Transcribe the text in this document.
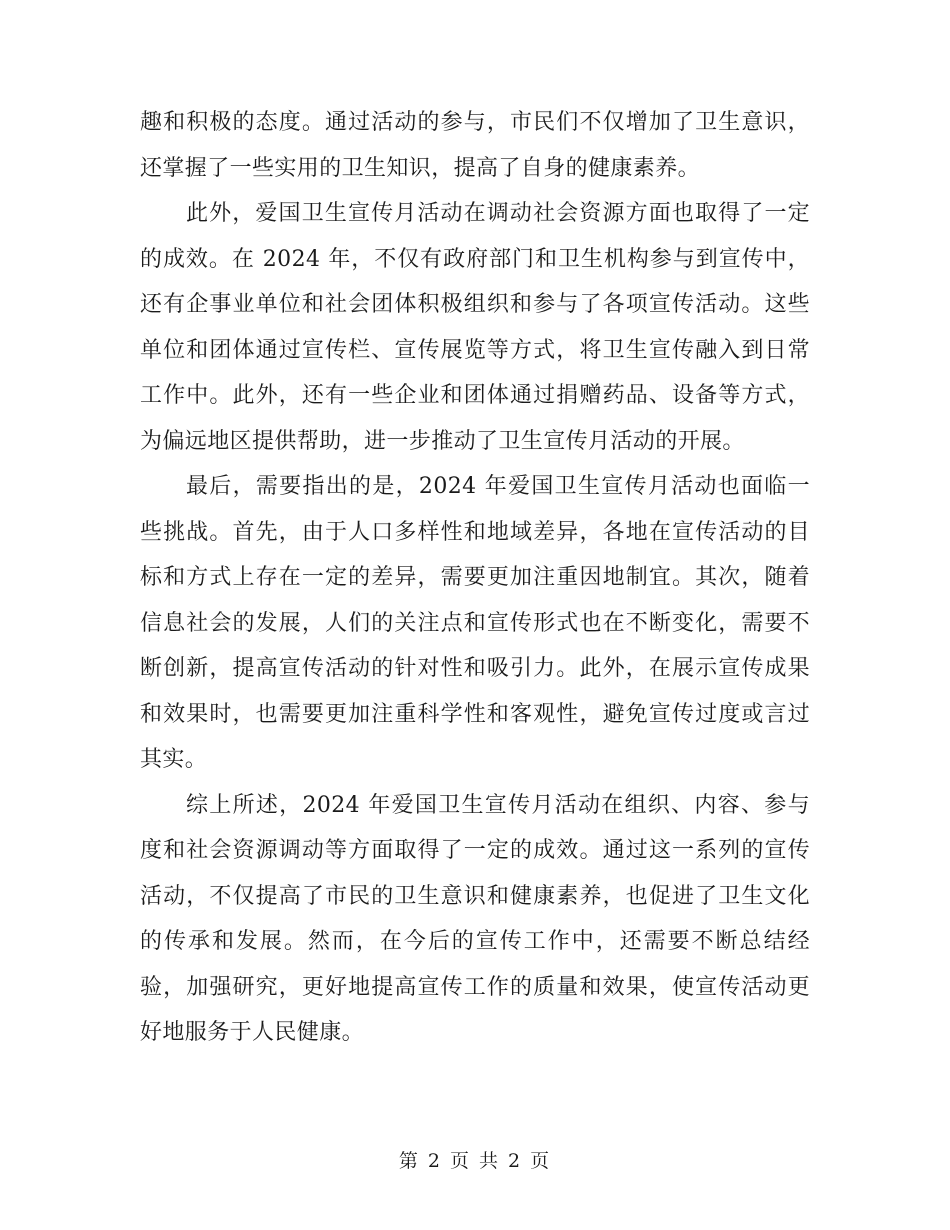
趣和积极的态度。通过活动的参与，市民们不仅增加了卫生意识，还掌握了一些实用的卫生知识，提高了自身的健康素养。

此外，爱国卫生宣传月活动在调动社会资源方面也取得了一定的成效。在 2024 年，不仅有政府部门和卫生机构参与到宣传中，还有企事业单位和社会团体积极组织和参与了各项宣传活动。这些单位和团体通过宣传栏、宣传展览等方式，将卫生宣传融入到日常工作中。此外，还有一些企业和团体通过捐赠药品、设备等方式，为偏远地区提供帮助，进一步推动了卫生宣传月活动的开展。

最后，需要指出的是，2024 年爱国卫生宣传月活动也面临一些挑战。首先，由于人口多样性和地域差异，各地在宣传活动的目标和方式上存在一定的差异，需要更加注重因地制宜。其次，随着信息社会的发展，人们的关注点和宣传形式也在不断变化，需要不断创新，提高宣传活动的针对性和吸引力。此外，在展示宣传成果和效果时，也需要更加注重科学性和客观性，避免宣传过度或言过其实。

综上所述，2024 年爱国卫生宣传月活动在组织、内容、参与度和社会资源调动等方面取得了一定的成效。通过这一系列的宣传活动，不仅提高了市民的卫生意识和健康素养，也促进了卫生文化的传承和发展。然而，在今后的宣传工作中，还需要不断总结经验，加强研究，更好地提高宣传工作的质量和效果，使宣传活动更好地服务于人民健康。

第 2 页 共 2 页
